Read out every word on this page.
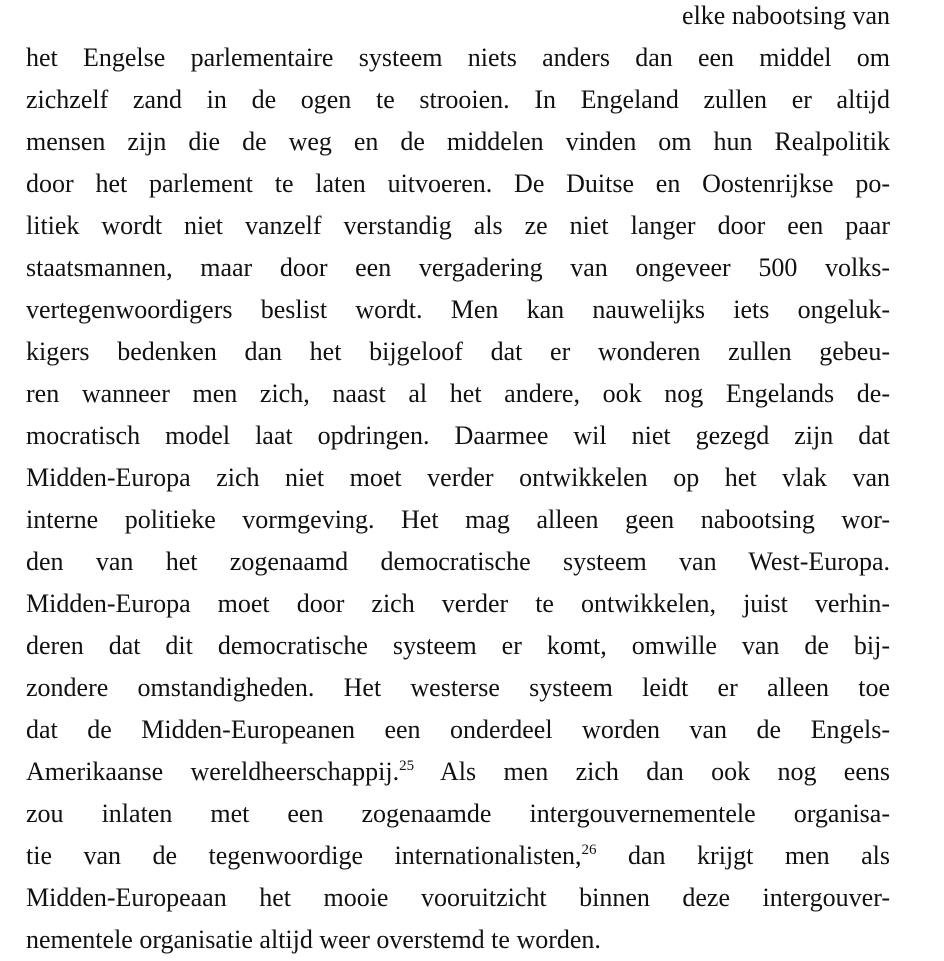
elke nabootsing van
het Engelse parlementaire systeem niets anders dan een middel om
zichzelf zand in de ogen te strooien. In Engeland zullen er altijd
mensen zijn die de weg en de middelen vinden om hun Realpolitik
door het parlement te laten uitvoeren. De Duitse en Oostenrijkse po-
litiek wordt niet vanzelf verstandig als ze niet langer door een paar
staatsmannen, maar door een vergadering van ongeveer 500 volks-
vertegenwoordigers beslist wordt. Men kan nauwelijks iets ongeluk-
kigers bedenken dan het bijgeloof dat er wonderen zullen gebeu-
ren wanneer men zich, naast al het andere, ook nog Engelands de-
mocratisch model laat opdringen. Daarmee wil niet gezegd zijn dat
Midden-Europa zich niet moet verder ontwikkelen op het vlak van
interne politieke vormgeving. Het mag alleen geen nabootsing wor-
den van het zogenaamd democratische systeem van West-Europa.
Midden-Europa moet door zich verder te ontwikkelen, juist verhin-
deren dat dit democratische systeem er komt, omwille van de bij-
zondere omstandigheden. Het westerse systeem leidt er alleen toe
dat de Midden-Europeanen een onderdeel worden van de Engels-
Amerikaanse wereldheerschappij.$^{25}$ Als men zich dan ook nog eens
zou inlaten met een zogenaamde intergouvernementele organisa-
tie van de tegenwoordige internationalisten,$^{26}$ dan krijgt men als
Midden-Europeaan het mooie vooruitzicht binnen deze intergouver-
nementele organisatie altijd weer overstemd te worden.
